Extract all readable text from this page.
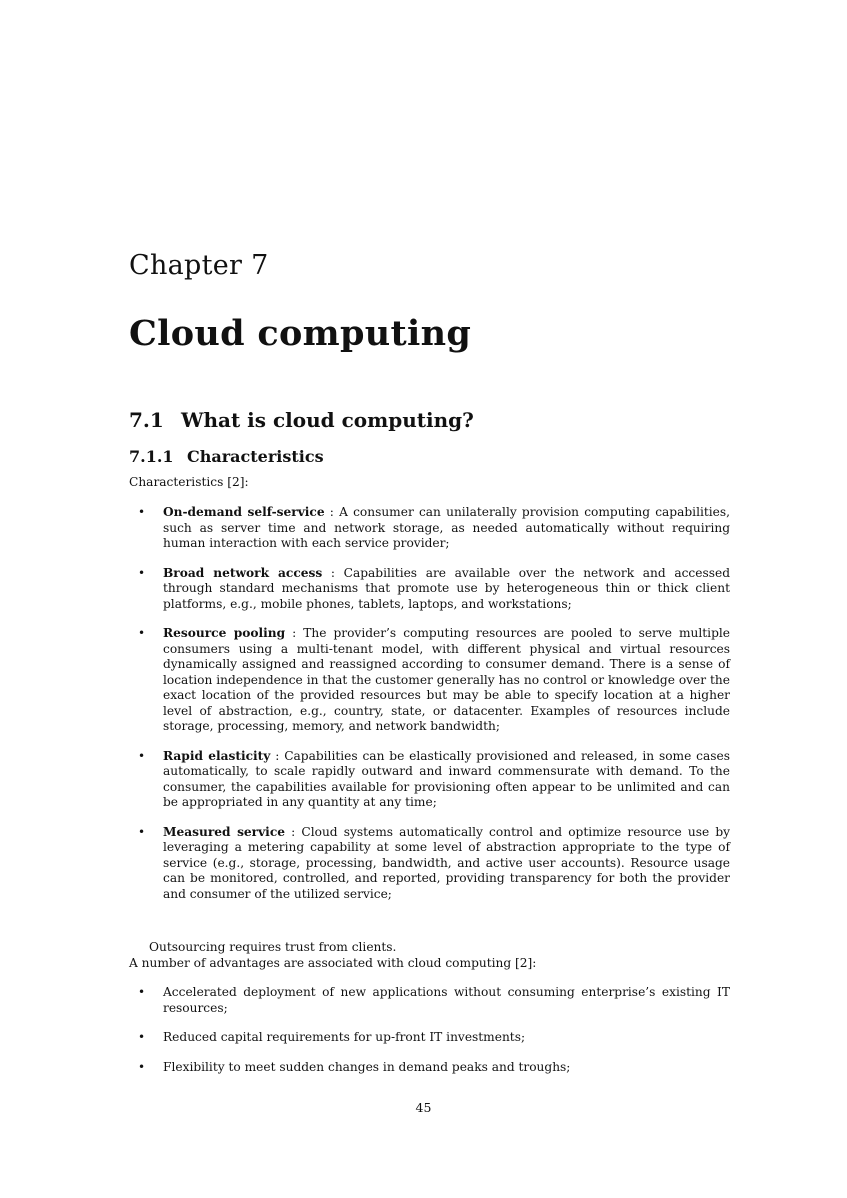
Chapter 7
Cloud computing
7.1 What is cloud computing?
7.1.1 Characteristics
Characteristics [2]:
• On-demand self-service : A consumer can unilaterally provision computing capabilities, such as server time and network storage, as needed automatically without requiring human interaction with each service provider;
• Broad network access : Capabilities are available over the network and accessed through standard mechanisms that promote use by heterogeneous thin or thick client platforms, e.g., mobile phones, tablets, laptops, and workstations;
• Resource pooling : The provider’s computing resources are pooled to serve multiple consumers using a multi-tenant model, with different physical and virtual resources dynamically assigned and reassigned according to consumer demand. There is a sense of location independence in that the customer generally has no control or knowledge over the exact location of the provided resources but may be able to specify location at a higher level of abstraction, e.g., country, state, or datacenter. Examples of resources include storage, processing, memory, and network bandwidth;
• Rapid elasticity : Capabilities can be elastically provisioned and released, in some cases automatically, to scale rapidly outward and inward commensurate with demand. To the consumer, the capabilities available for provisioning often appear to be unlimited and can be appropriated in any quantity at any time;
• Measured service : Cloud systems automatically control and optimize resource use by leveraging a metering capability at some level of abstraction appropriate to the type of service (e.g., storage, processing, bandwidth, and active user accounts). Resource usage can be monitored, controlled, and reported, providing transparency for both the provider and consumer of the utilized service;
Outsourcing requires trust from clients.
A number of advantages are associated with cloud computing [2]:
• Accelerated deployment of new applications without consuming enterprise’s existing IT resources;
• Reduced capital requirements for up-front IT investments;
• Flexibility to meet sudden changes in demand peaks and troughs;
45
